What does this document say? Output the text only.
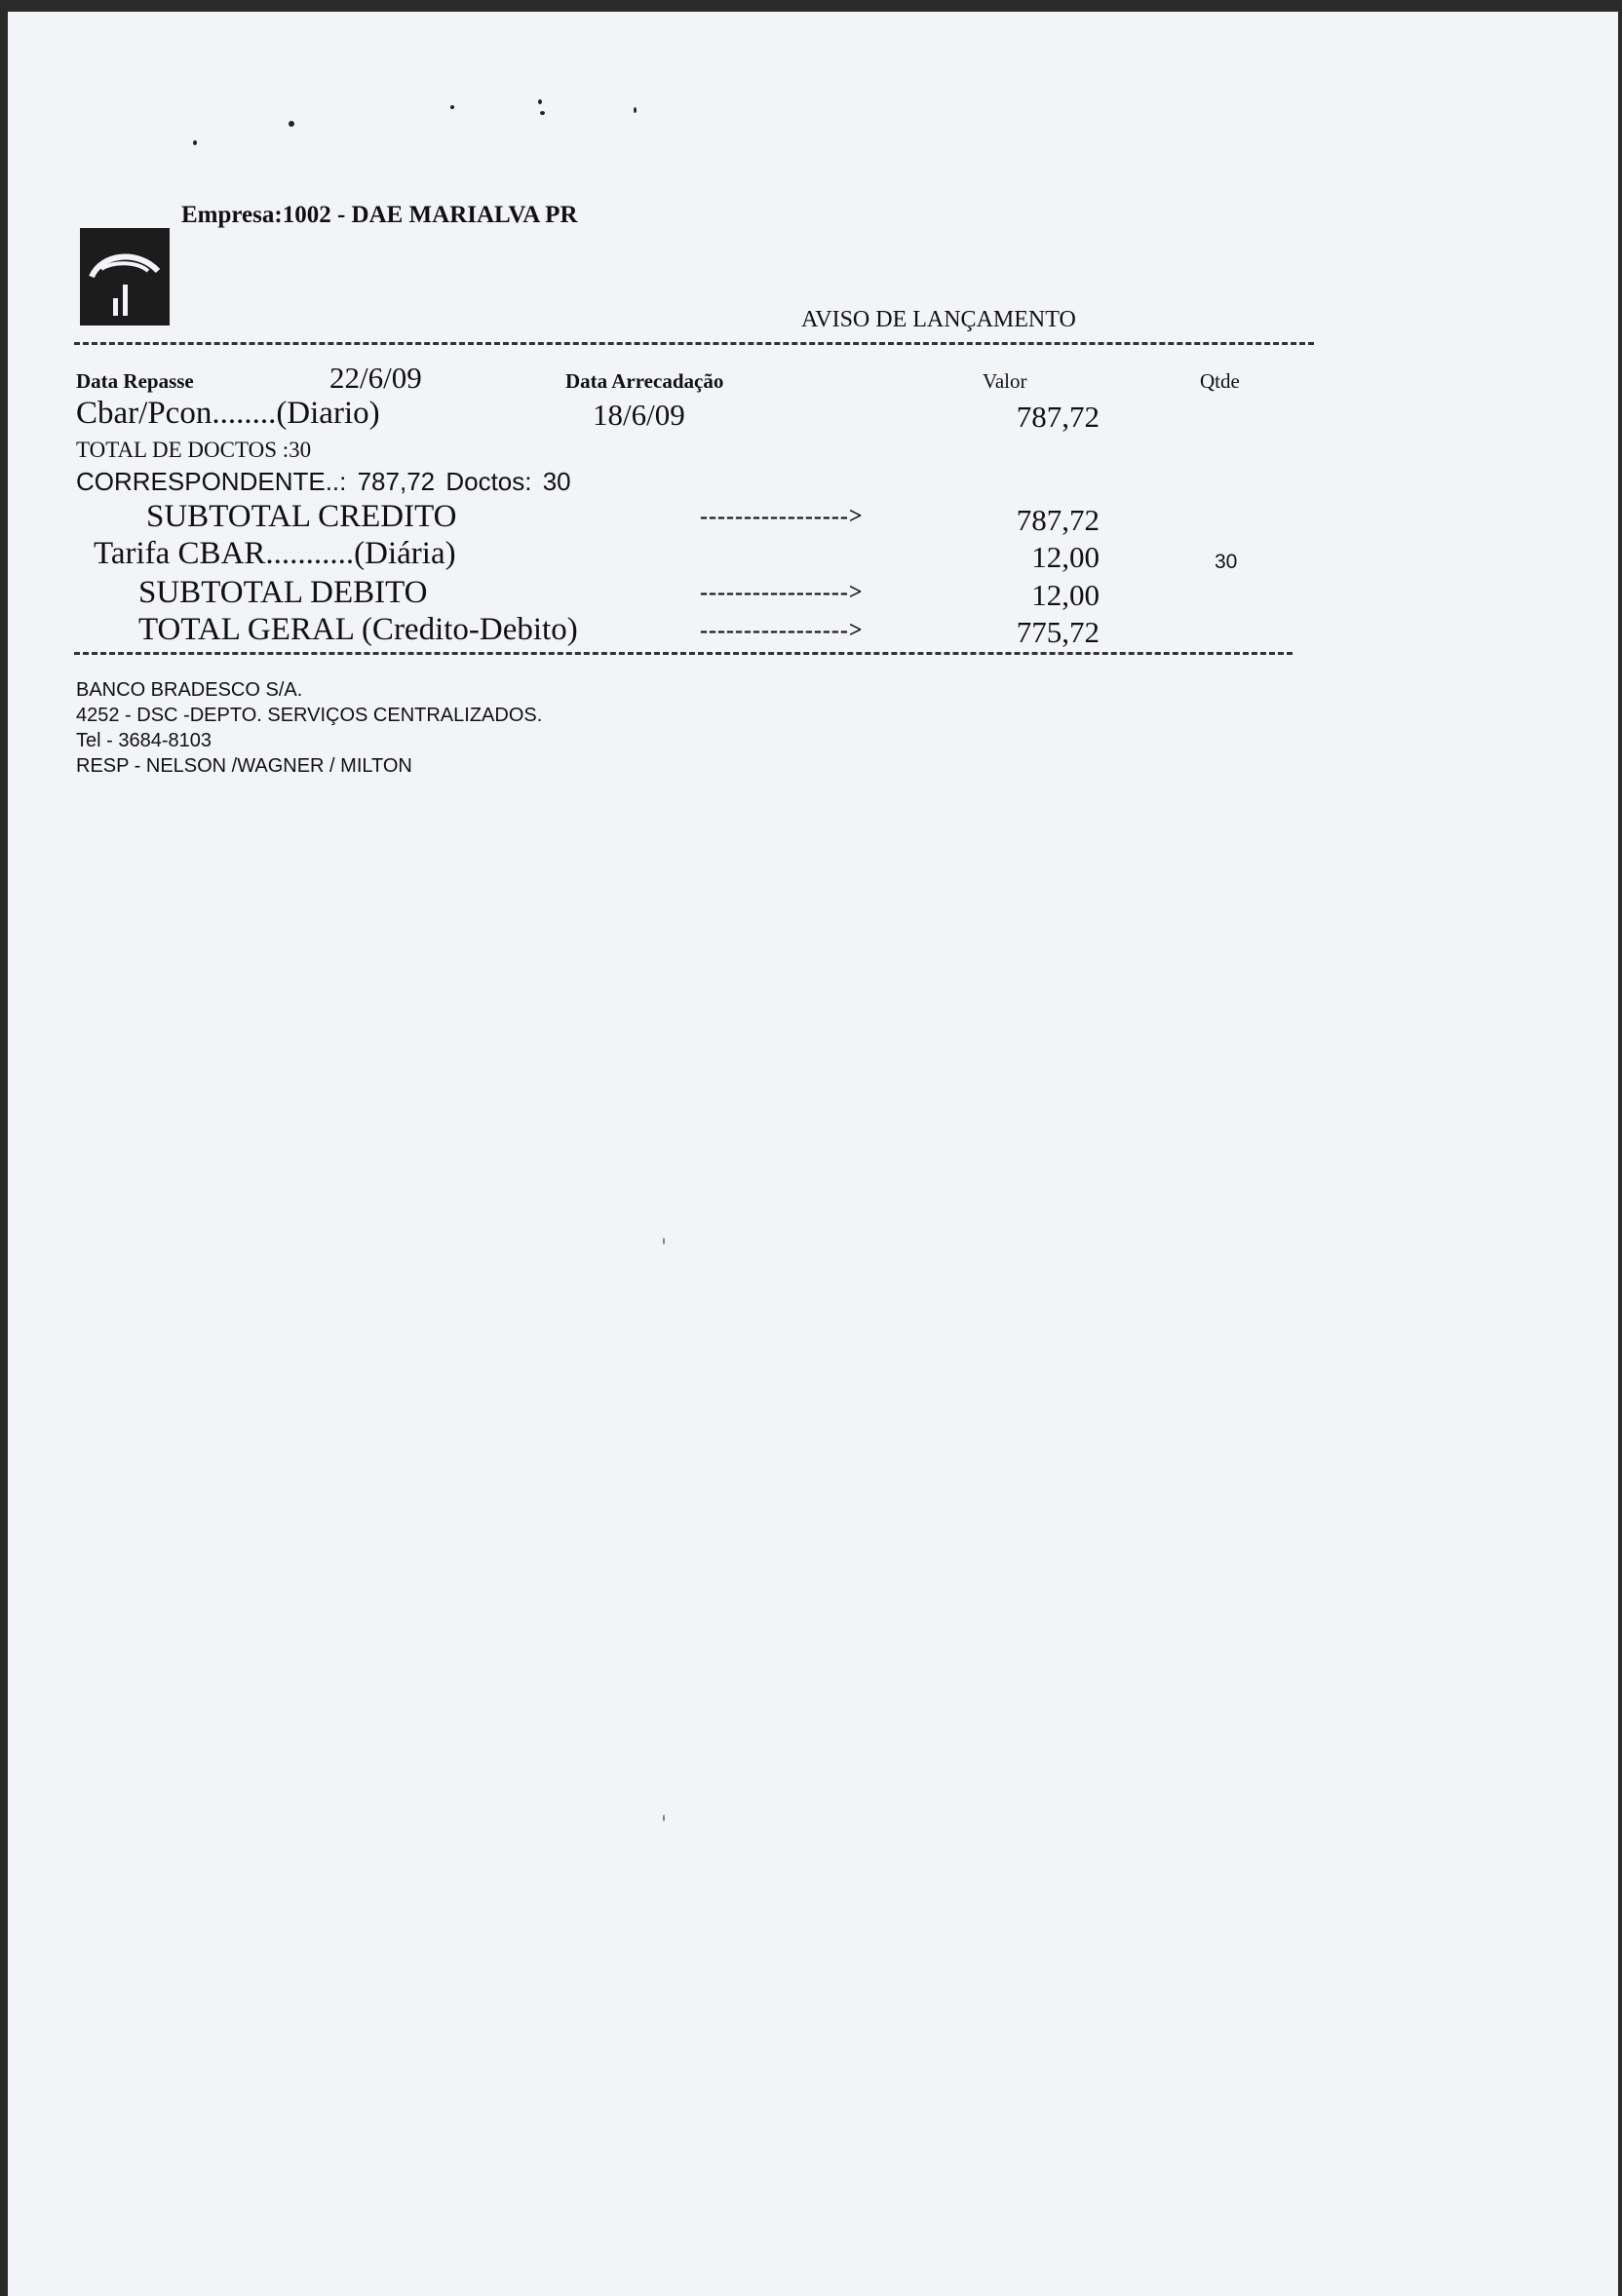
Empresa:1002 - DAE MARIALVA PR
AVISO DE LANÇAMENTO
Data Repasse	22/6/09	Data Arrecadação	Valor	Qtde
Cbar/Pcon........(Diario)	18/6/09	787,72
TOTAL DE DOCTOS :30
CORRESPONDENTE..: 787,72 Doctos: 30
SUBTOTAL CREDITO	----------------->	787,72
Tarifa CBAR...........(Diária)	12,00	30
SUBTOTAL DEBITO	----------------->	12,00
TOTAL GERAL (Credito-Debito)	----------------->	775,72
BANCO BRADESCO S/A.
4252 - DSC -DEPTO. SERVIÇOS CENTRALIZADOS.
Tel - 3684-8103
RESP - NELSON /WAGNER / MILTON
